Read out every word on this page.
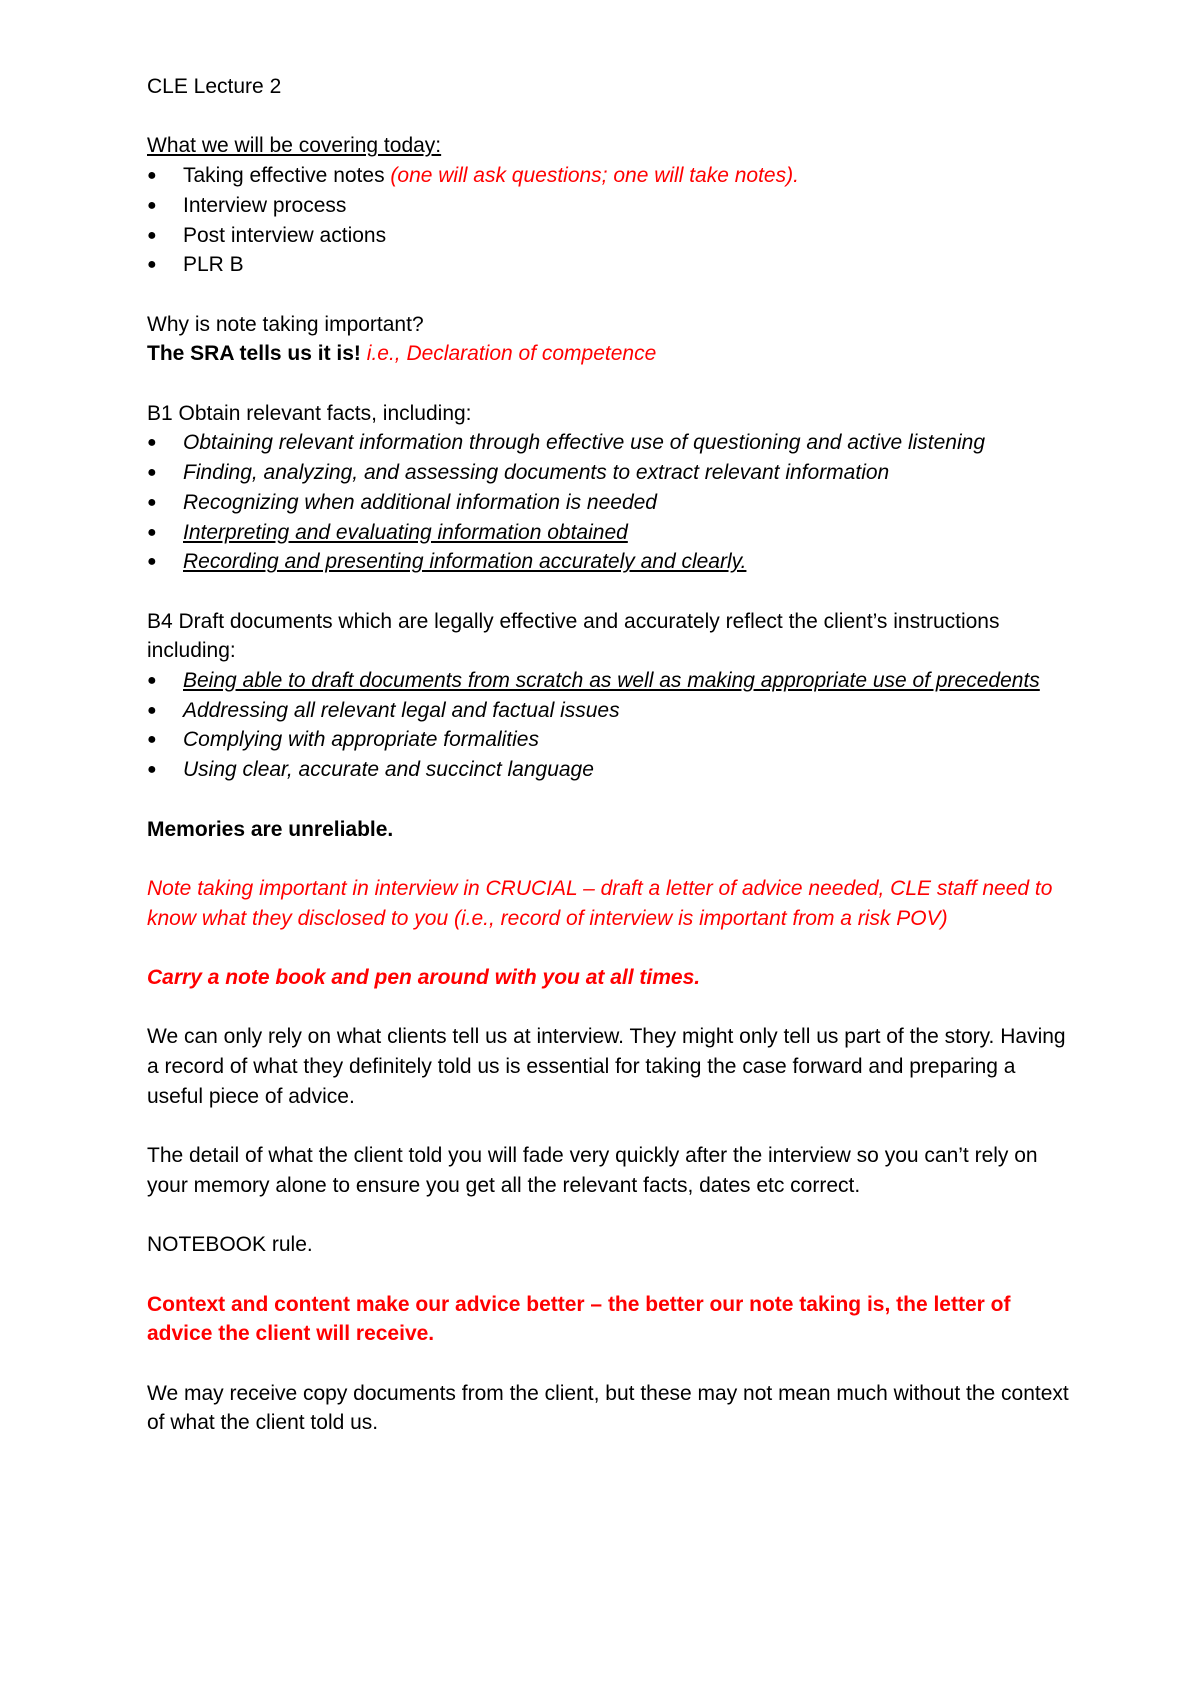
CLE Lecture 2

What we will be covering today:

●	Taking effective notes (one will ask questions; one will take notes).
●	Interview process
●	Post interview actions
●	PLR B

Why is note taking important?

The SRA tells us it is! i.e., Declaration of competence

B1 Obtain relevant facts, including:

●	Obtaining relevant information through effective use of questioning and active listening
●	Finding, analyzing, and assessing documents to extract relevant information
●	Recognizing when additional information is needed
●	Interpreting and evaluating information obtained
●	Recording and presenting information accurately and clearly.

B4 Draft documents which are legally effective and accurately reflect the client’s instructions including:

●	Being able to draft documents from scratch as well as making appropriate use of precedents
●	Addressing all relevant legal and factual issues
●	Complying with appropriate formalities
●	Using clear, accurate and succinct language

Memories are unreliable.

Note taking important in interview in CRUCIAL – draft a letter of advice needed, CLE staff need to know what they disclosed to you (i.e., record of interview is important from a risk POV)

Carry a note book and pen around with you at all times.

We can only rely on what clients tell us at interview. They might only tell us part of the story. Having a record of what they definitely told us is essential for taking the case forward and preparing a useful piece of advice.

The detail of what the client told you will fade very quickly after the interview so you can’t rely on your memory alone to ensure you get all the relevant facts, dates etc correct.

NOTEBOOK rule.

Context and content make our advice better – the better our note taking is, the letter of advice the client will receive.

We may receive copy documents from the client, but these may not mean much without the context of what the client told us.
